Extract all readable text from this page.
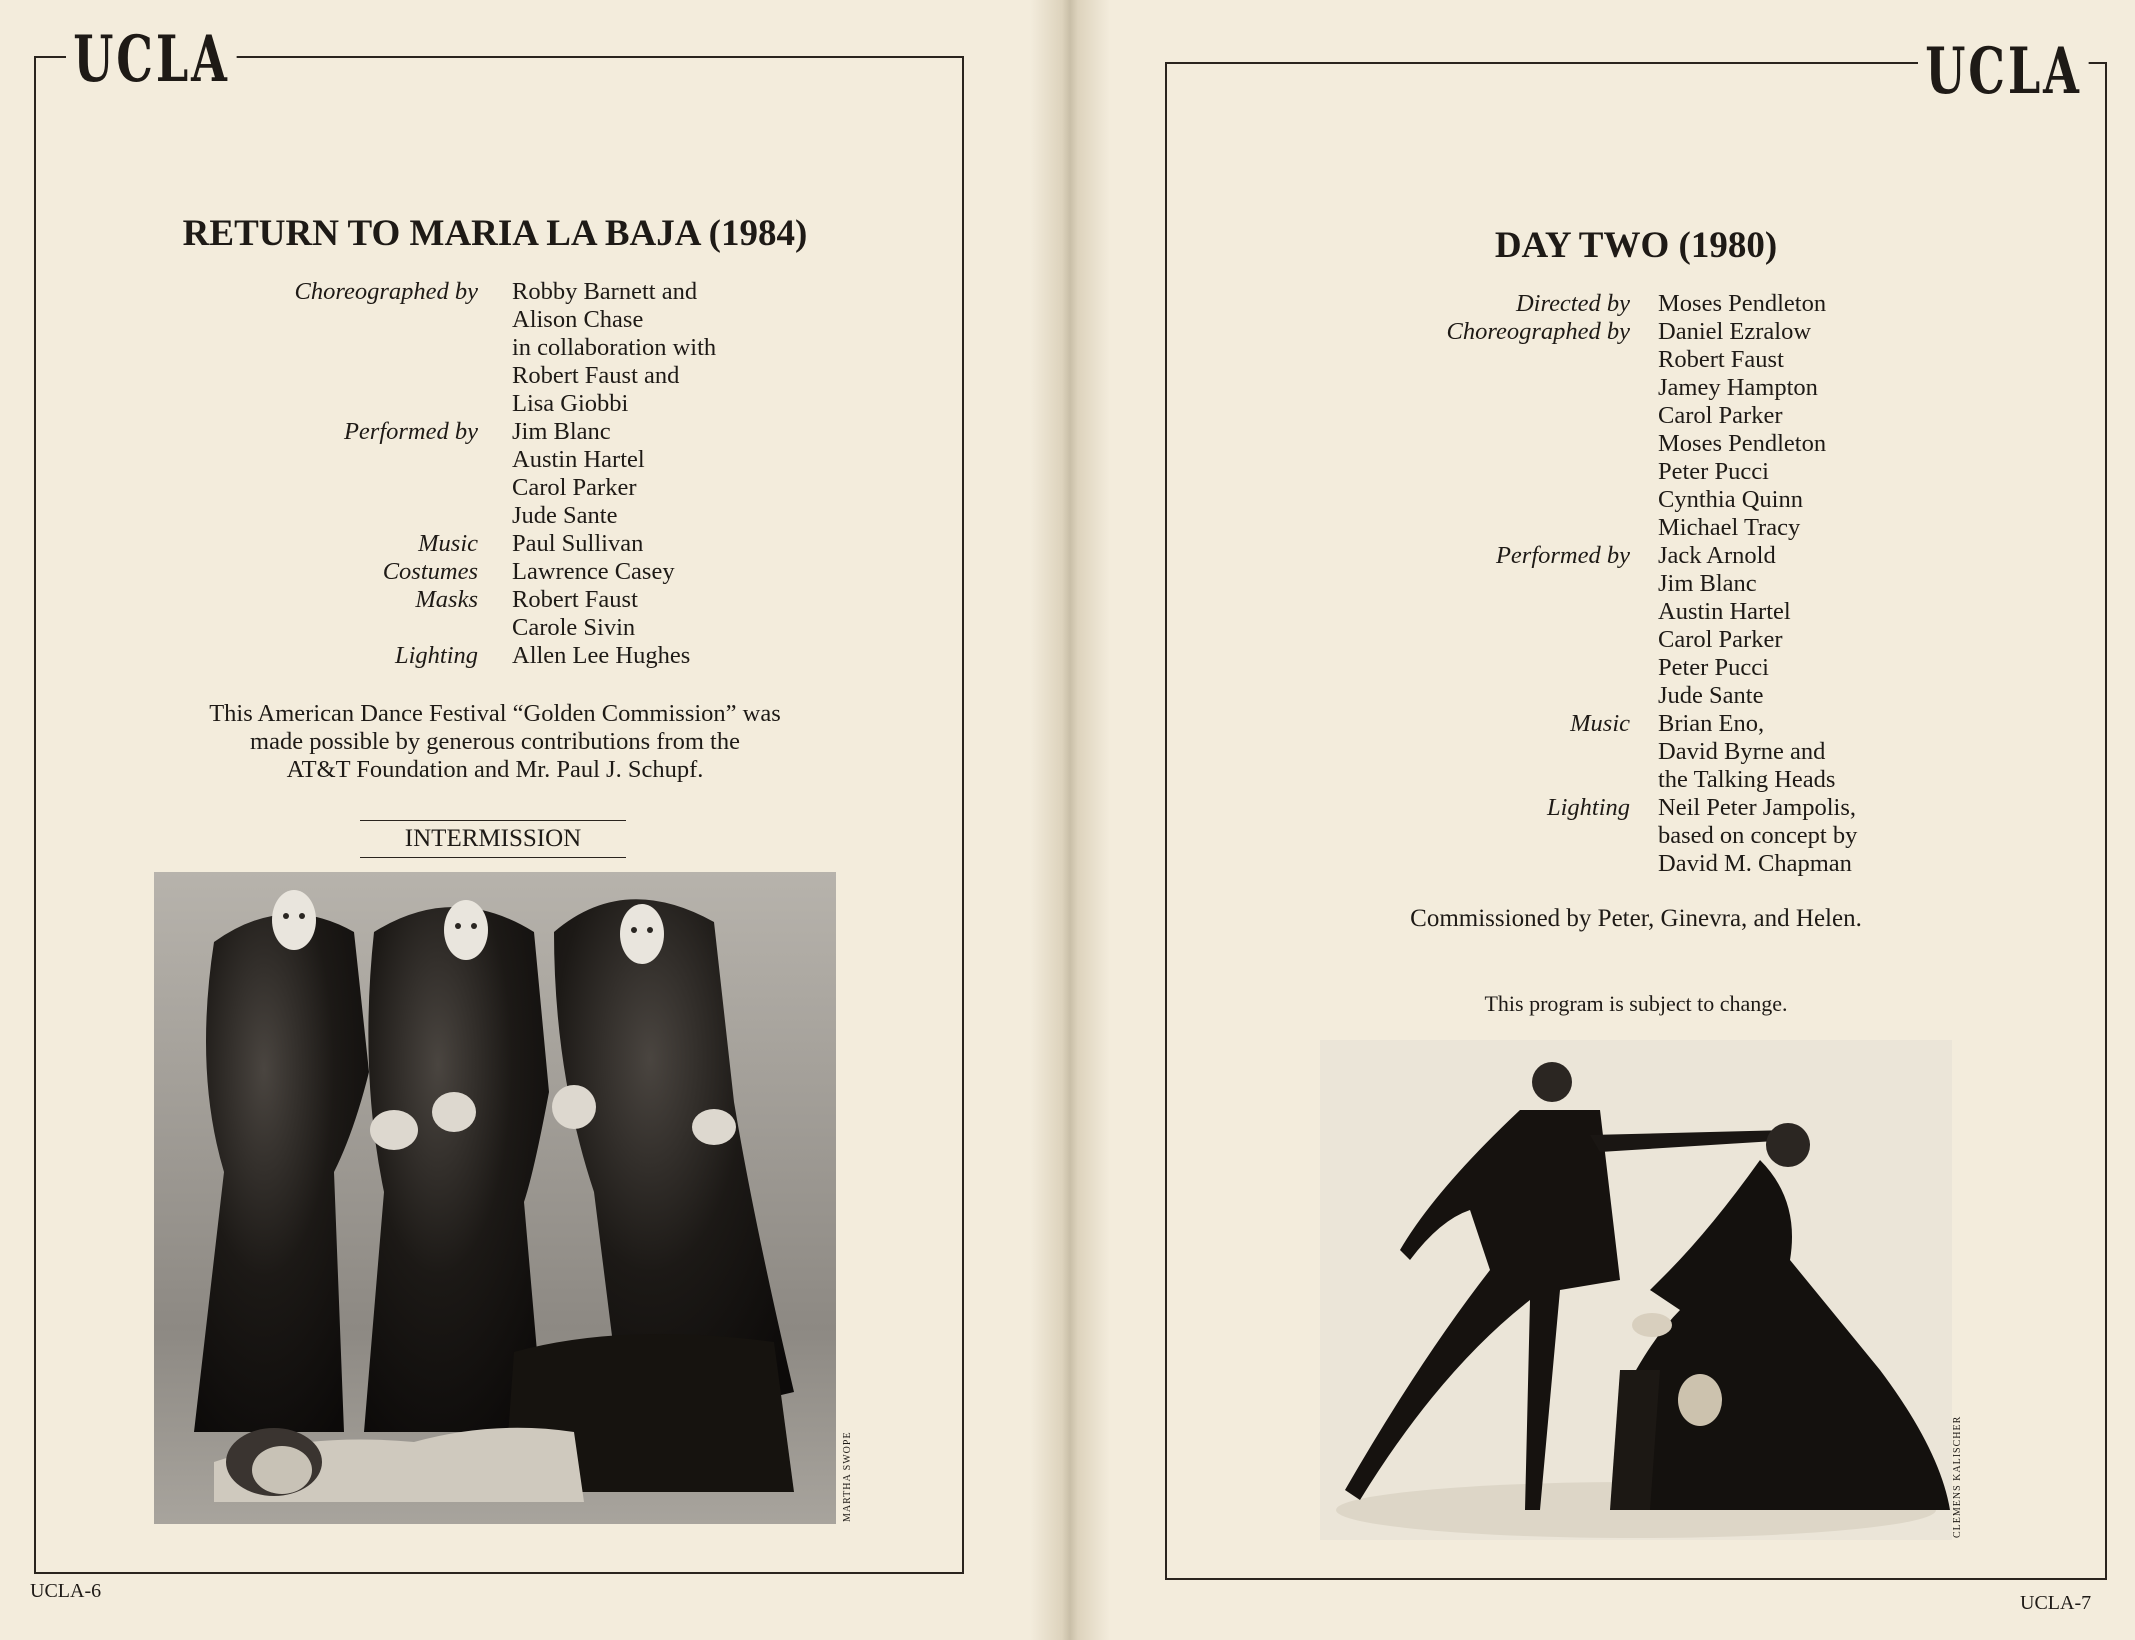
UCLA
RETURN TO MARIA LA BAJA (1984)
Choreographed by Robby Barnett and
Alison Chase
in collaboration with
Robert Faust and
Lisa Giobbi
Performed by Jim Blanc
Austin Hartel
Carol Parker
Jude Sante
Music Paul Sullivan
Costumes Lawrence Casey
Masks Robert Faust
Carole Sivin
Lighting Allen Lee Hughes
This American Dance Festival “Golden Commission” was
made possible by generous contributions from the
AT&T Foundation and Mr. Paul J. Schupf.
INTERMISSION
MARTHA SWOPE
UCLA-6
UCLA
DAY TWO (1980)
Directed by Moses Pendleton
Choreographed by Daniel Ezralow
Robert Faust
Jamey Hampton
Carol Parker
Moses Pendleton
Peter Pucci
Cynthia Quinn
Michael Tracy
Performed by Jack Arnold
Jim Blanc
Austin Hartel
Carol Parker
Peter Pucci
Jude Sante
Music Brian Eno,
David Byrne and
the Talking Heads
Lighting Neil Peter Jampolis,
based on concept by
David M. Chapman
Commissioned by Peter, Ginevra, and Helen.
This program is subject to change.
CLEMENS KALISCHER
UCLA-7
